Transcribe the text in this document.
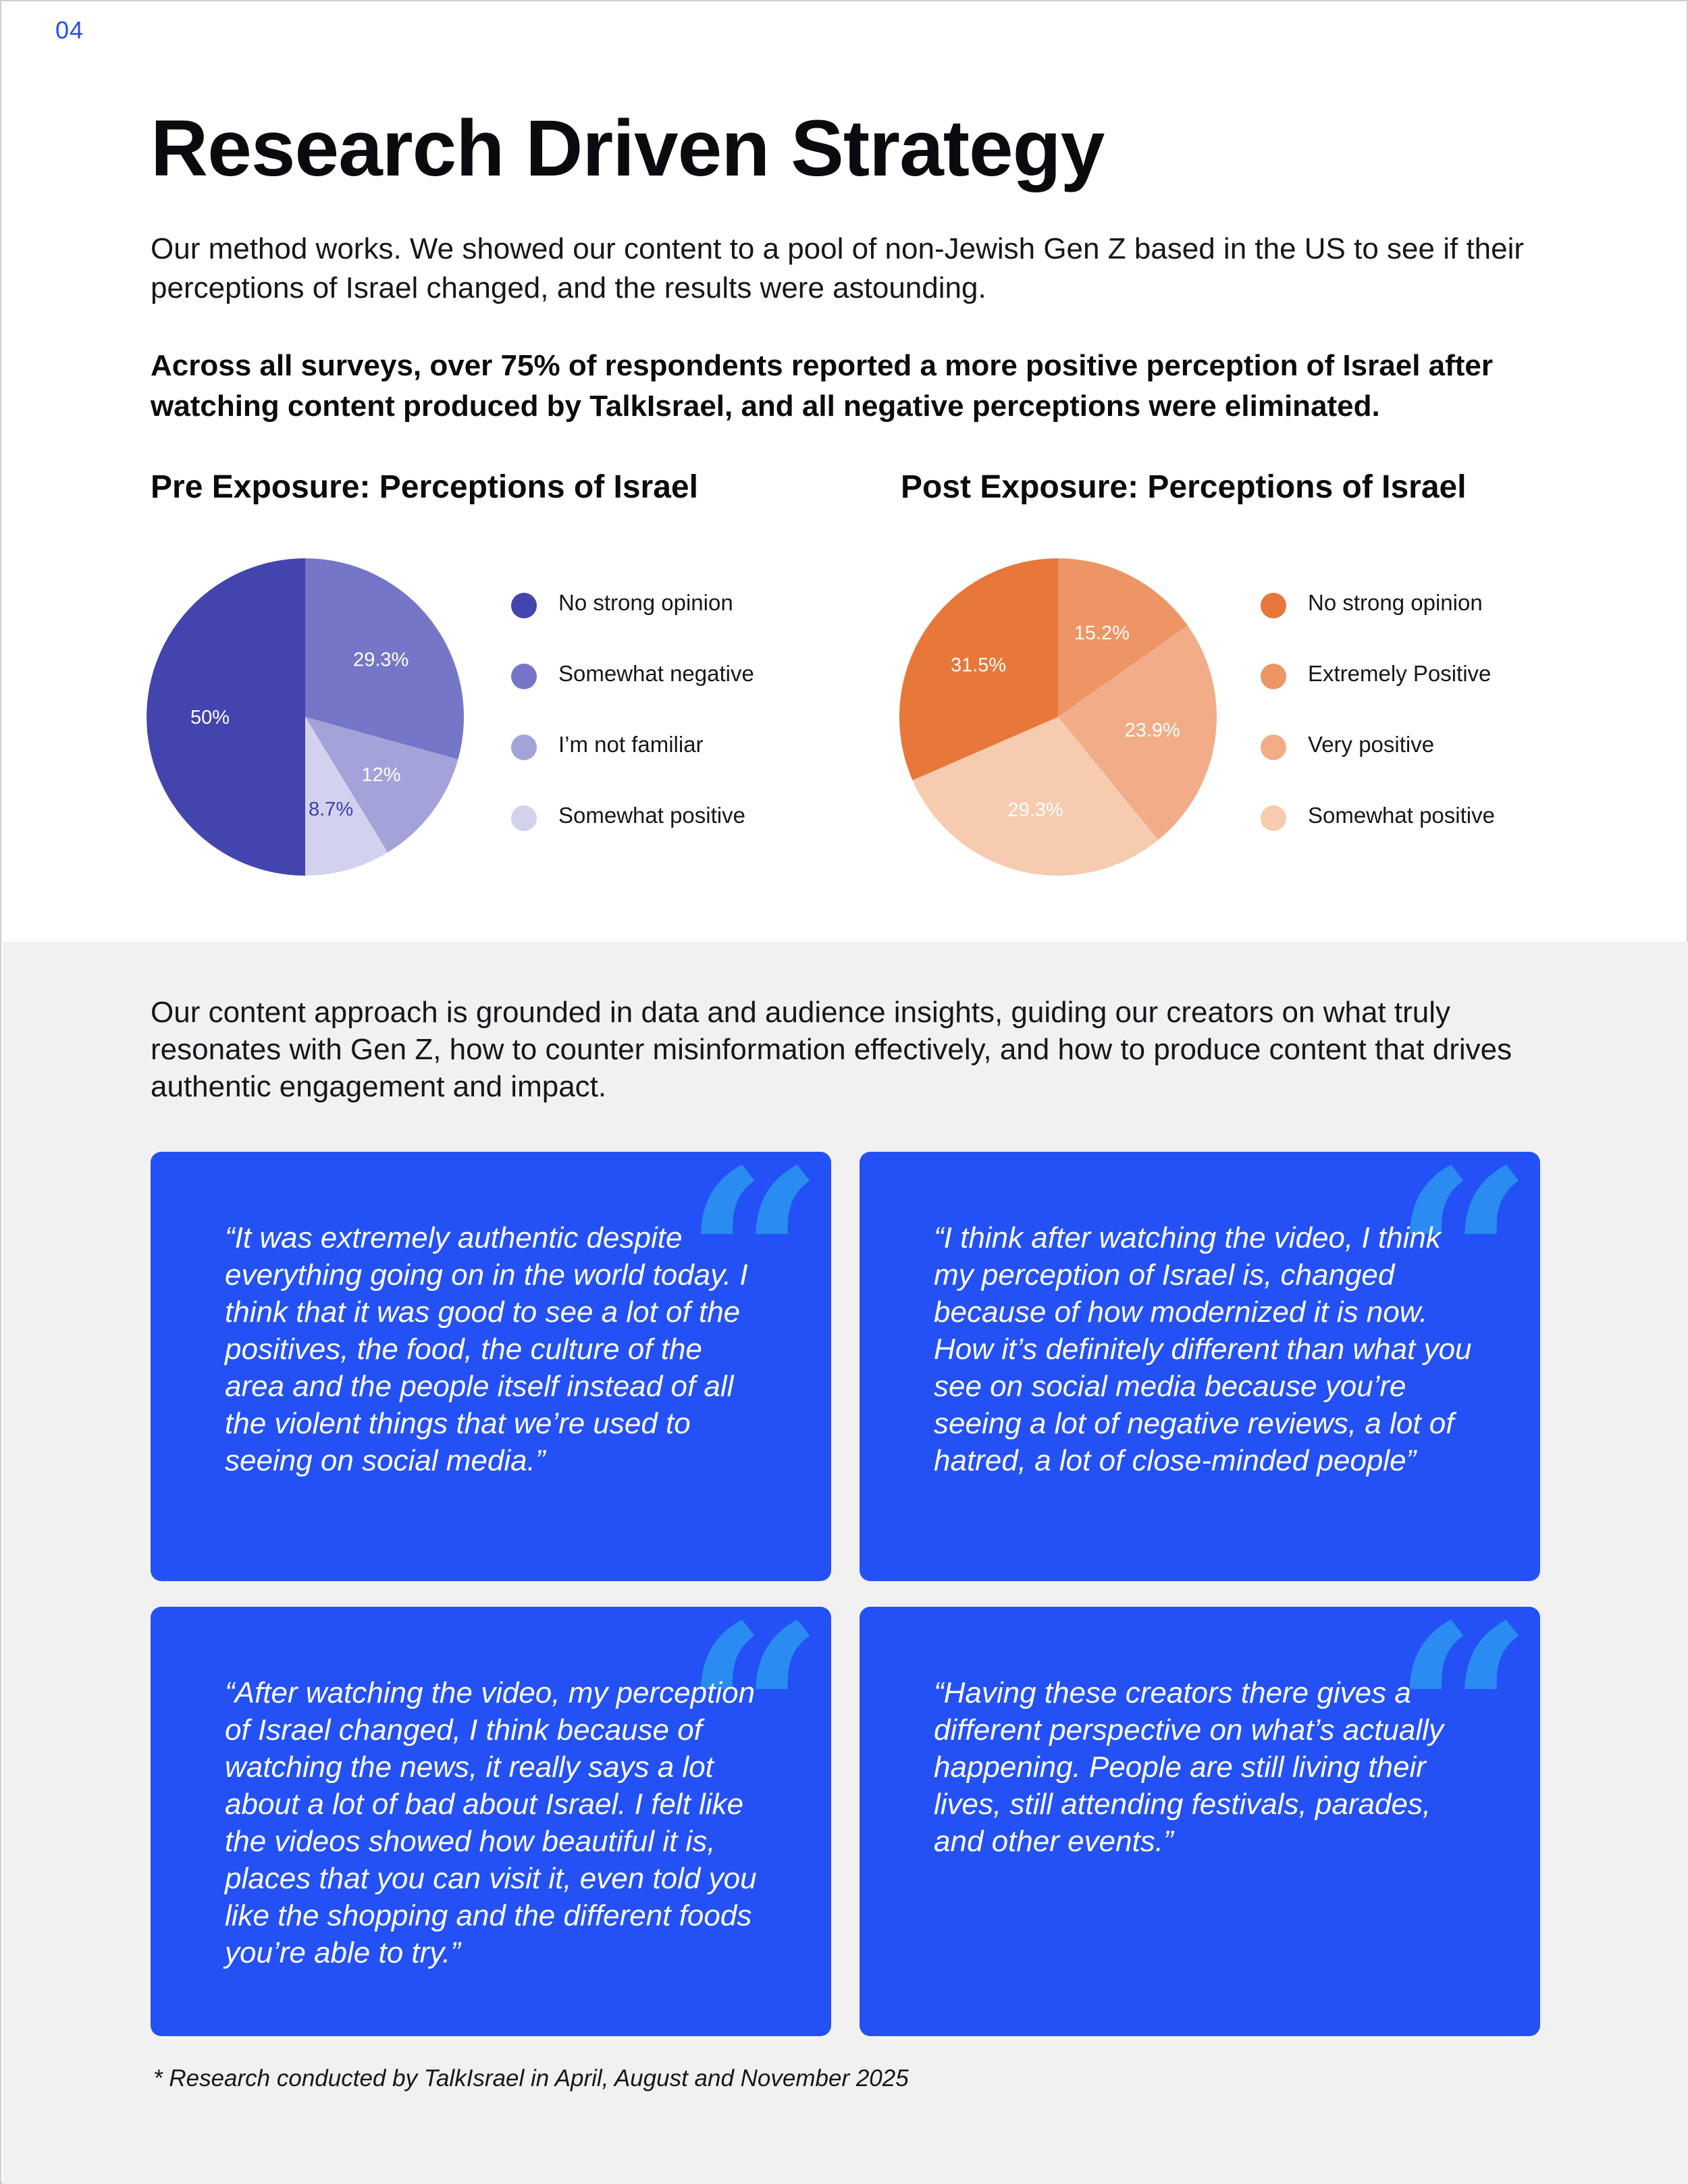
04
Research Driven Strategy

Our method works. We showed our content to a pool of non-Jewish Gen Z based in the US to see if their perceptions of Israel changed, and the results were astounding.

Across all surveys, over 75% of respondents reported a more positive perception of Israel after watching content produced by TalkIsrael, and all negative perceptions were eliminated.

Pre Exposure: Perceptions of Israel
29.3%
12%
8.7%
50%
No strong opinion
Somewhat negative
I’m not familiar
Somewhat positive
Post Exposure: Perceptions of Israel
15.2%
23.9%
29.3%
31.5%
No strong opinion
Extremely Positive
Very positive
Somewhat positive

Our content approach is grounded in data and audience insights, guiding our creators on what truly resonates with Gen Z, how to counter misinformation effectively, and how to produce content that drives authentic engagement and impact.

“

“It was extremely authentic despite everything going on in the world today. I think that it was good to see a lot of the positives, the food, the culture of the area and the people itself instead of all the violent things that we’re used to seeing on social media.”

“

“I think after watching the video, I think my perception of Israel is, changed because of how modernized it is now. How it’s definitely different than what you see on social media because you’re seeing a lot of negative reviews, a lot of hatred, a lot of close-minded people”

“

“After watching the video, my perception of Israel changed, I think because of watching the news, it really says a lot about a lot of bad about Israel. I felt like the videos showed how beautiful it is, places that you can visit it, even told you like the shopping and the different foods you’re able to try.”

“

“Having these creators there gives a different perspective on what’s actually happening. People are still living their lives, still attending festivals, parades, and other events.”

* Research conducted by TalkIsrael in April, August and November 2025
